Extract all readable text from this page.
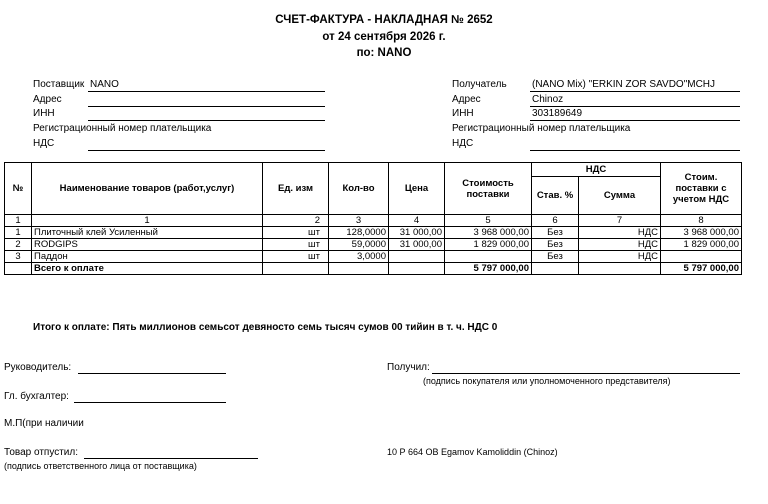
СЧЕТ-ФАКТУРА - НАКЛАДНАЯ № 2652
от 24 сентября 2026 г.
по: NANO
Поставщик NANO
Адрес
ИНН
Регистрационный номер плательщика
НДС
Получатель	(NANO Mix) "ERKIN ZOR SAVDO"MCHJ
Адрес	Chinoz
ИНН	303189649
Регистрационный номер плательщика
НДС
№	Наименование товаров (работ,услуг)	Ед. изм	Кол-во	Цена	Стоимость поставки	НДС		Стоим. поставки с учетом НДС
						Став. %	Сумма	
1	1	2	3	4	5	6	7	8
1	Плиточный клей Усиленный	шт	128,0000	31 000,00	3 968 000,00	Без	НДС	3 968 000,00
2	RODGIPS	шт	59,0000	31 000,00	1 829 000,00	Без	НДС	1 829 000,00
3	Паддон	шт	3,0000			Без	НДС	
	Всего к оплате				5 797 000,00			5 797 000,00
Итого к оплате: Пять миллионов семьсот девяносто семь тысяч сумов 00 тийин в т. ч. НДС 0
Руководитель:	Получил:
(подпись покупателя или уполномоченного представителя)
Гл. бухгалтер:
М.П(при наличии
Товар отпустил:
(подпись ответственного лица от поставщика)
10 Р 664 ОВ Egamov Kamoliddin (Chinoz)
